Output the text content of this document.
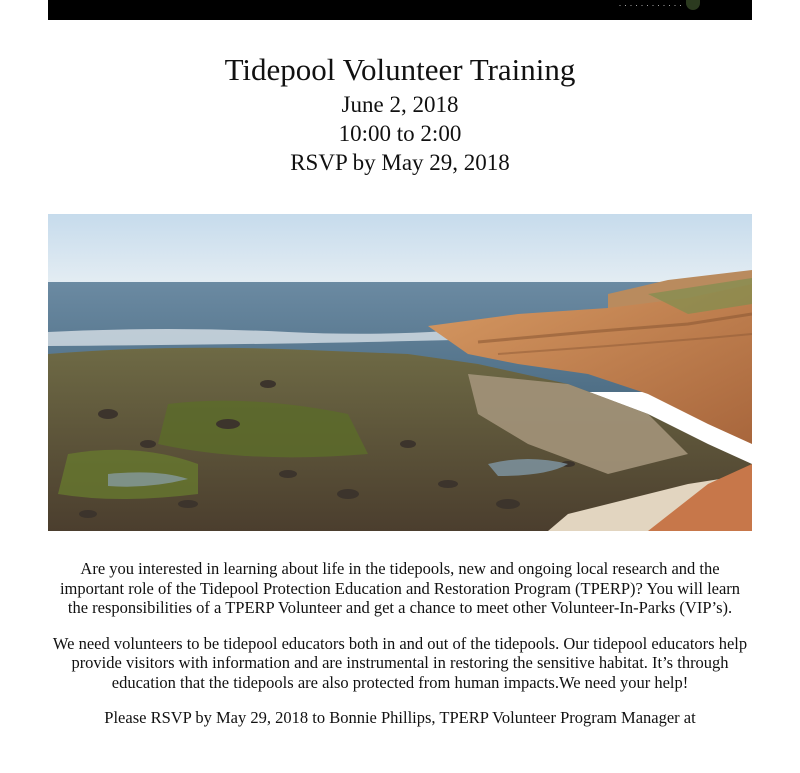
· · · · · · · · · · · ·
Tidepool Volunteer Training

June 2, 2018

10:00 to 2:00

RSVP by May 29, 2018

Are you interested in learning about life in the tidepools, new and ongoing local research and the important role of the Tidepool Protection Education and Restoration Program (TPERP)? You will learn the responsibilities of a TPERP Volunteer and get a chance to meet other Volunteer-In-Parks (VIP’s).

We need volunteers to be tidepool educators both in and out of the tidepools. Our tidepool educators help provide visitors with information and are instrumental in restoring the sensitive habitat. It’s through education that the tidepools are also protected from human impacts.We need your help!

Please RSVP by May 29, 2018 to Bonnie Phillips, TPERP Volunteer Program Manager at
